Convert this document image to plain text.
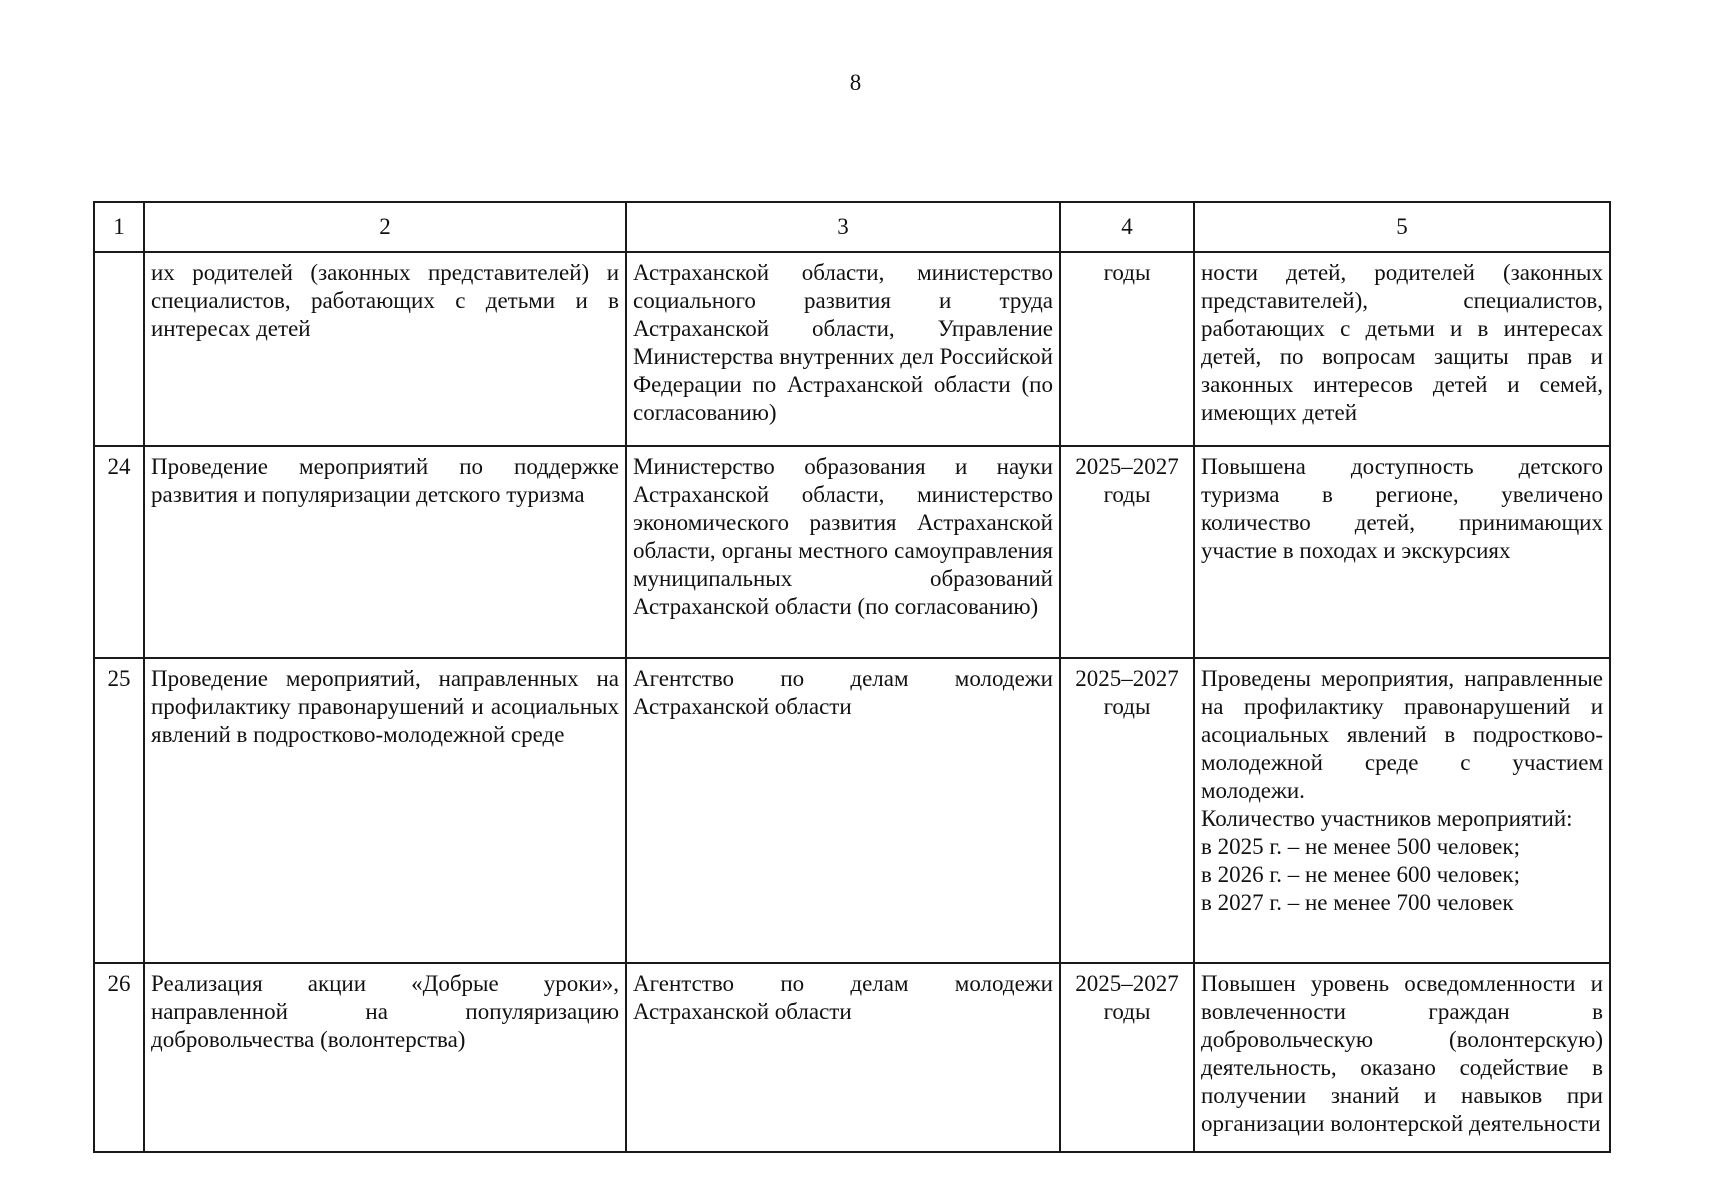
8
1	2	3	4	5
	их родителей (законных представителей) и специалистов, работающих с детьми и в интересах детей	Астраханской области, министерство социального развития и труда Астраханской области, Управление Министерства внутренних дел Российской Федерации по Астраханской области (по согласованию)	годы	ности детей, родителей (законных представителей), специалистов, работающих с детьми и в интересах детей, по вопросам защиты прав и законных интересов детей и семей, имеющих детей
24	Проведение мероприятий по поддержке развития и популяризации детского туризма	Министерство образования и науки Астраханской области, министерство экономического развития Астраханской области, органы местного самоуправления муниципальных образований Астраханской области (по согласованию)	2025–2027 годы	Повышена доступность детского туризма в регионе, увеличено количество детей, принимающих участие в походах и экскурсиях
25	Проведение мероприятий, направленных на профилактику правонарушений и асоциальных явлений в подростково-молодежной среде	Агентство по делам молодежи Астраханской области	2025–2027 годы	Проведены мероприятия, направленные на профилактику правонарушений и асоциальных явлений в подростково-молодежной среде с участием молодежи.
Количество участников мероприятий:
в 2025 г. – не менее 500 человек;
в 2026 г. – не менее 600 человек;
в 2027 г. – не менее 700 человек

26	Реализация акции «Добрые уроки», направленной на популяризацию добровольчества (волонтерства)	Агентство по делам молодежи Астраханской области	2025–2027 годы	Повышен уровень осведомленности и вовлеченности граждан в добровольческую (волонтерскую) деятельность, оказано содействие в получении знаний и навыков при организации волонтерской деятельности
